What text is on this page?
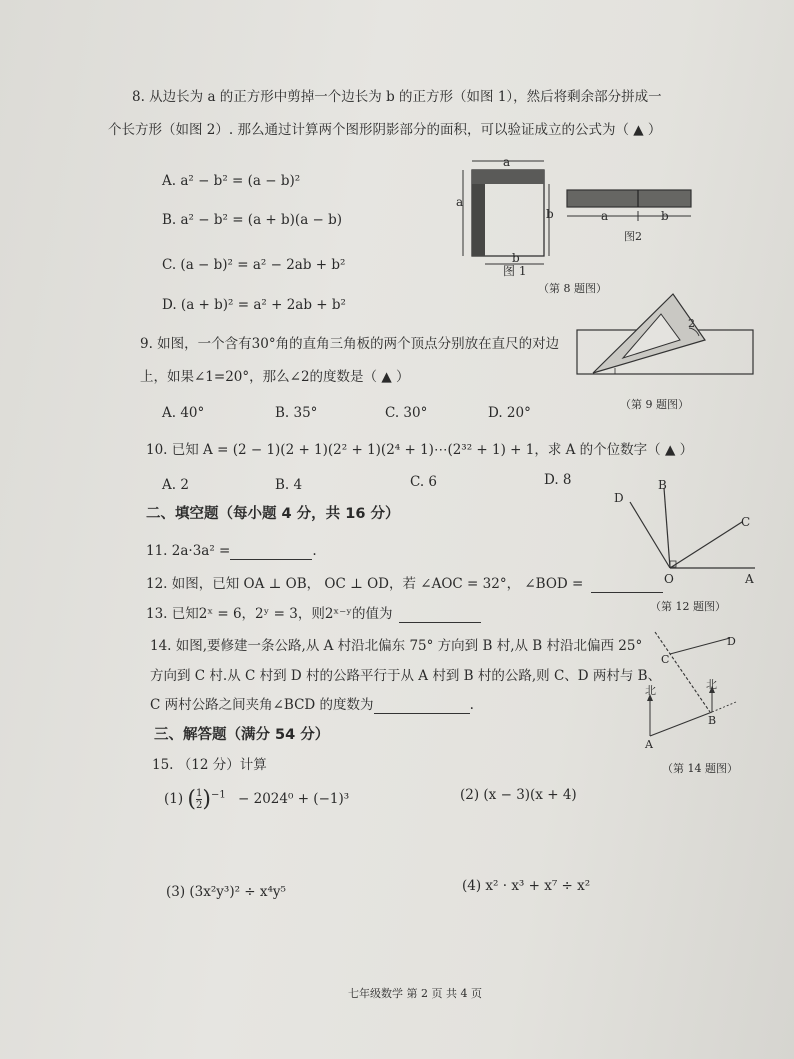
8. 从边长为 a 的正方形中剪掉一个边长为 b 的正方形（如图 1），然后将剩余部分拼成一
个长方形（如图 2）. 那么通过计算两个图形阴影部分的面积，可以验证成立的公式为（ ▲ ）
A. a² − b² = (a − b)²
B. a² − b² = (a + b)(a − b)
C. (a − b)² = a² − 2ab + b²
D. (a + b)² = a² + 2ab + b²
a
a
b
b
图 1
a	b
图2
（第 8 题图）
9. 如图，一个含有30°角的直角三角板的两个顶点分别放在直尺的对边
上，如果∠1=20°，那么∠2的度数是（ ▲ ）
A. 40°	B. 35°	C. 30°	D. 20°
2
（第 9 题图）
10. 已知 A = (2 − 1)(2 + 1)(2² + 1)(2⁴ + 1)⋯(2³² + 1) + 1，求 A 的个位数字（ ▲ ）
A. 2	B. 4	C. 6	D. 8
二、填空题（每小题 4 分，共 16 分）
11. 2a·3a² =	.
12. 如图，已知 OA ⊥ OB， OC ⊥ OD，若 ∠AOC = 32°， ∠BOD =
D
B
C
O	A
（第 12 题图）
13. 已知2ˣ = 6，2ʸ = 3，则2ˣ⁻ʸ的值为
14. 如图,要修建一条公路,从 A 村沿北偏东 75° 方向到 B 村,从 B 村沿北偏西 25°
方向到 C 村.从 C 村到 D 村的公路平行于从 A 村到 B 村的公路,则 C、D 两村与 B、
C 两村公路之间夹角∠BCD 的度数为	.
C
D
北	北
B
A
（第 14 题图）
三、解答题（满分 54 分）
15. （12 分）计算
(1) ( $\frac{1}{2} )^{-1} - 2024^0 + (-1)^3$	(2) (x − 3)(x + 4)
(3) (3x²y³)² ÷ x⁴y⁵	(4) x² · x³ + x⁷ ÷ x²
七年级数学 第 2 页 共 4 页
